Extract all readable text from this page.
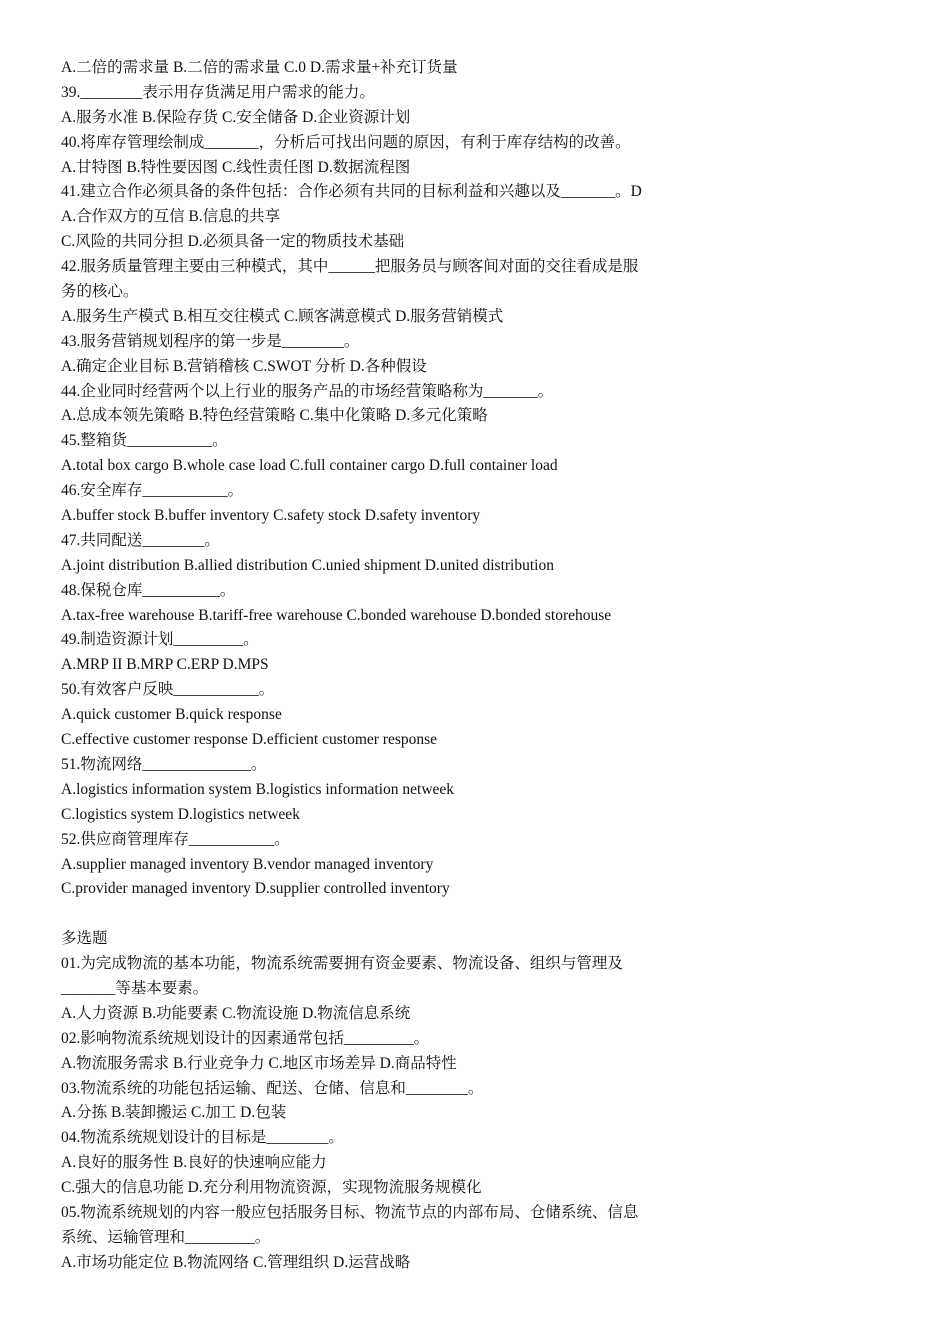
A.二倍的需求量 B.二倍的需求量 C.0 D.需求量+补充订货量
39.________表示用存货满足用户需求的能力。
A.服务水准 B.保险存货 C.安全储备 D.企业资源计划
40.将库存管理绘制成_______，分析后可找出问题的原因，有利于库存结构的改善。
A.甘特图 B.特性要因图 C.线性责任图 D.数据流程图
41.建立合作必须具备的条件包括：合作必须有共同的目标利益和兴趣以及_______。D
A.合作双方的互信 B.信息的共享
C.风险的共同分担 D.必须具备一定的物质技术基础
42.服务质量管理主要由三种模式，其中______把服务员与顾客间对面的交往看成是服
务的核心。
A.服务生产模式 B.相互交往模式 C.顾客满意模式 D.服务营销模式
43.服务营销规划程序的第一步是________。
A.确定企业目标 B.营销稽核 C.SWOT 分析 D.各种假设
44.企业同时经营两个以上行业的服务产品的市场经营策略称为_______。
A.总成本领先策略 B.特色经营策略 C.集中化策略 D.多元化策略
45.整箱货___________。
A.total box cargo B.whole case load C.full container cargo D.full container load
46.安全库存___________。
A.buffer stock B.buffer inventory C.safety stock D.safety inventory
47.共同配送________。
A.joint distribution B.allied distribution C.unied shipment D.united distribution
48.保税仓库__________。
A.tax-free warehouse B.tariff-free warehouse C.bonded warehouse D.bonded storehouse
49.制造资源计划_________。
A.MRP II B.MRP C.ERP D.MPS
50.有效客户反映___________。
A.quick customer B.quick response
C.effective customer response D.efficient customer response
51.物流网络______________。
A.logistics information system B.logistics information netweek
C.logistics system D.logistics netweek
52.供应商管理库存___________。
A.supplier managed inventory B.vendor managed inventory
C.provider managed inventory D.supplier controlled inventory
多选题
01.为完成物流的基本功能，物流系统需要拥有资金要素、物流设备、组织与管理及
_______等基本要素。
A.人力资源 B.功能要素 C.物流设施 D.物流信息系统
02.影响物流系统规划设计的因素通常包括_________。
A.物流服务需求 B.行业竞争力 C.地区市场差异 D.商品特性
03.物流系统的功能包括运输、配送、仓储、信息和________。
A.分拣 B.装卸搬运 C.加工 D.包装
04.物流系统规划设计的目标是________。
A.良好的服务性 B.良好的快速响应能力
C.强大的信息功能 D.充分利用物流资源，实现物流服务规模化
05.物流系统规划的内容一般应包括服务目标、物流节点的内部布局、仓储系统、信息
系统、运输管理和_________。
A.市场功能定位 B.物流网络 C.管理组织 D.运营战略
